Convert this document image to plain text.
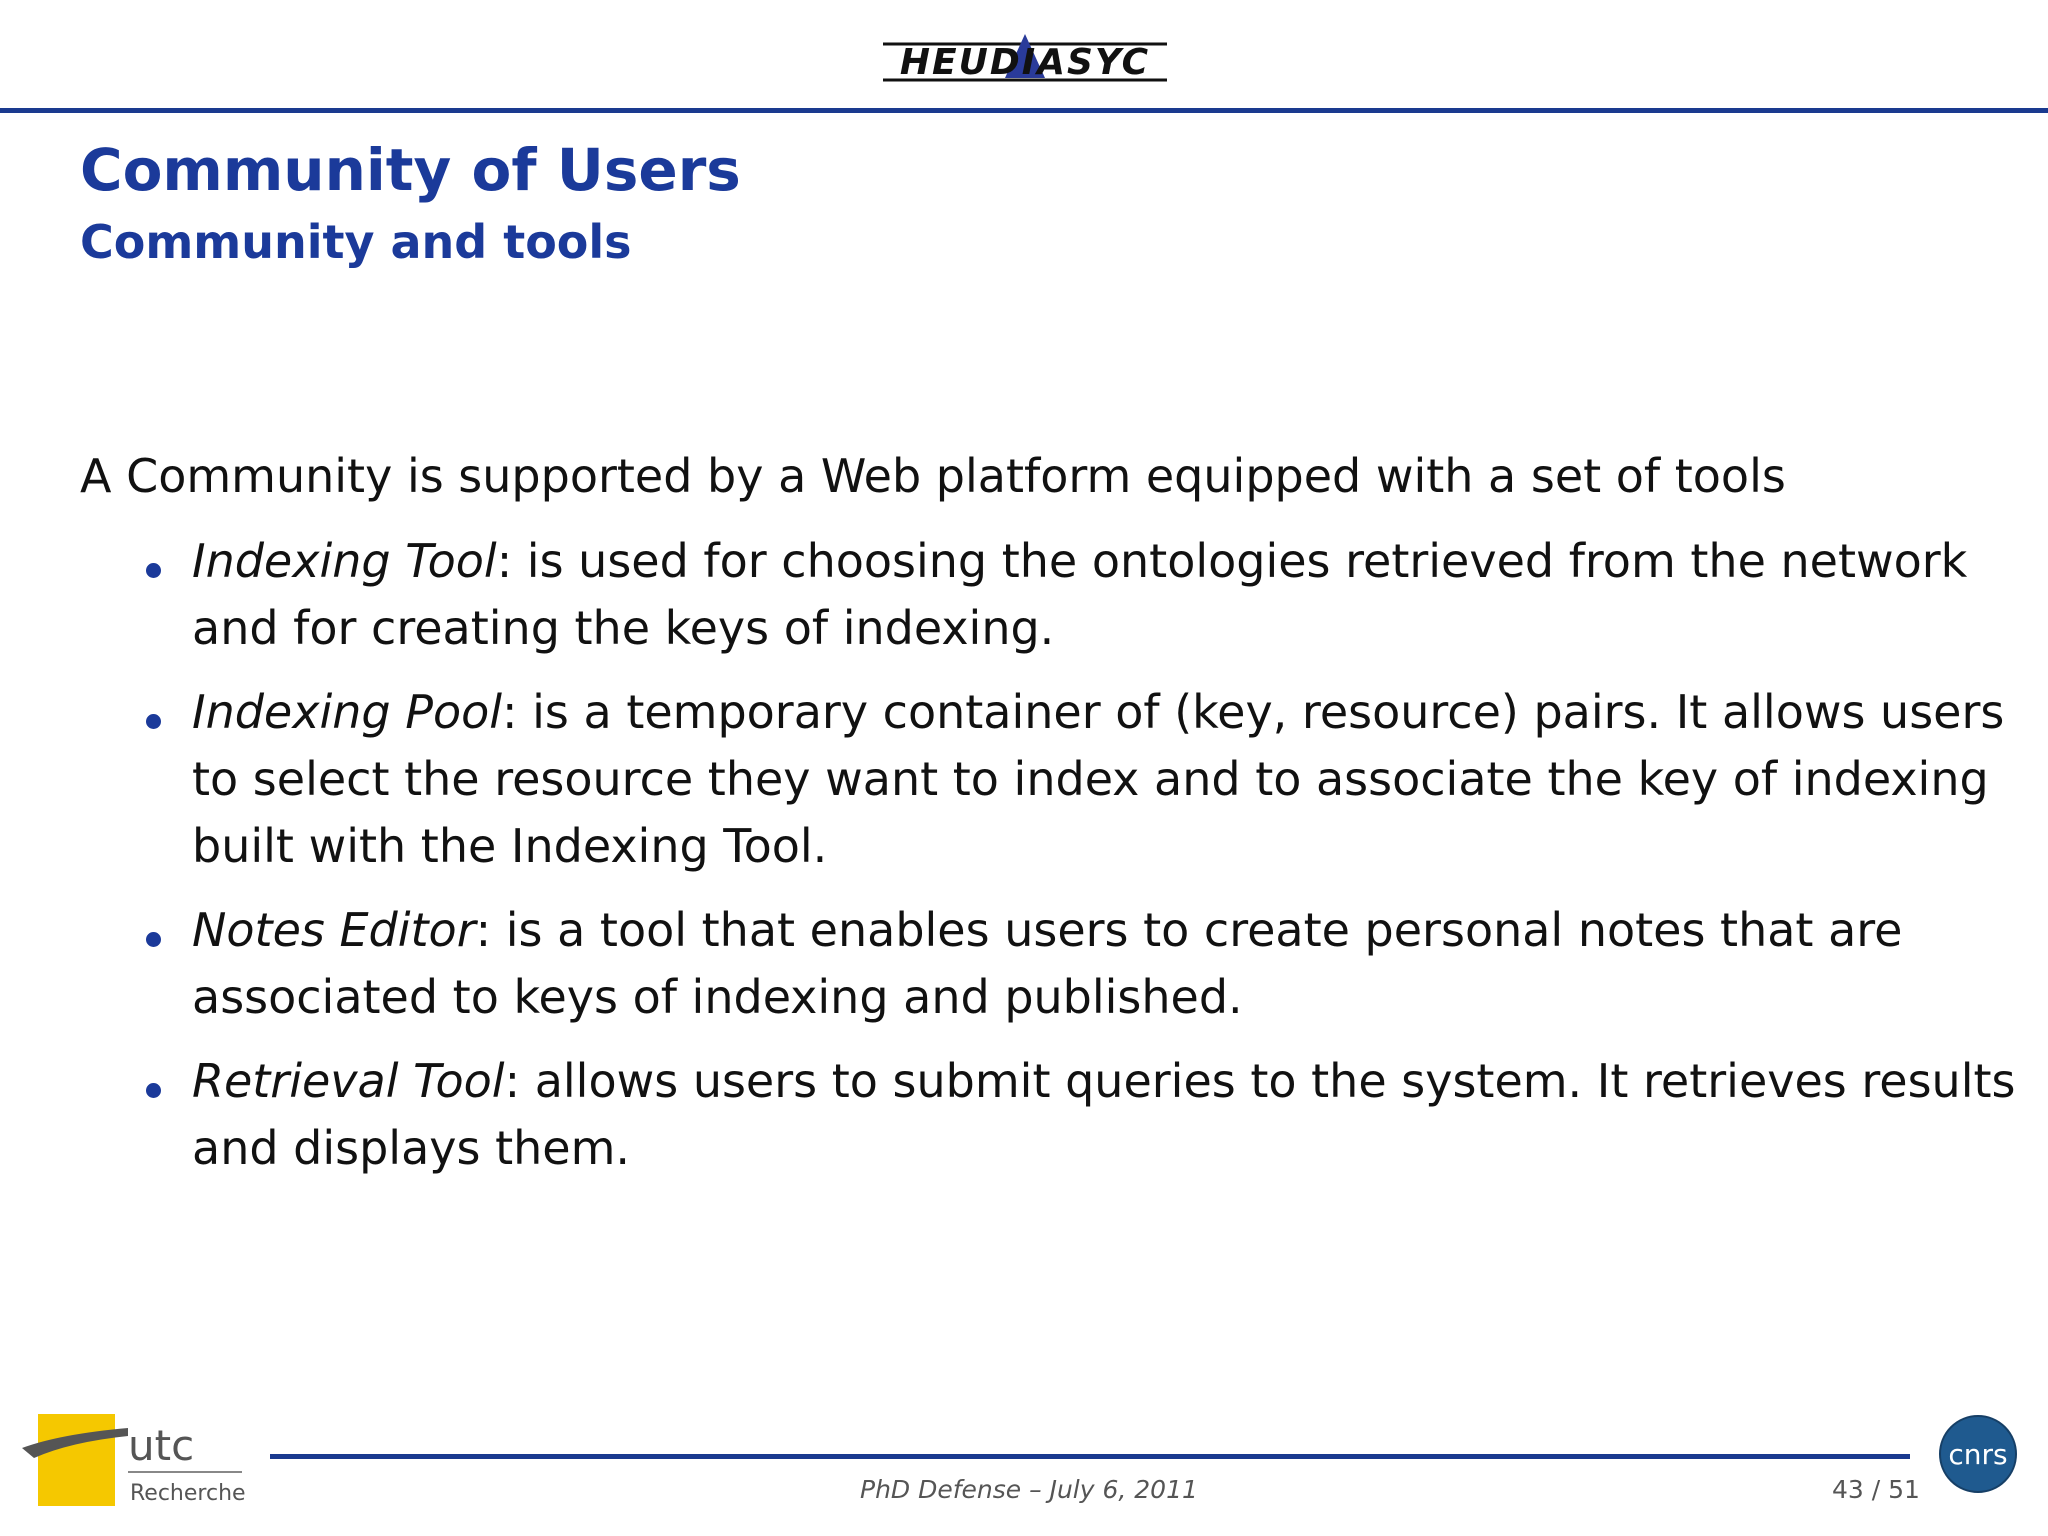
HEUDIASYC
Community of Users
Community and tools

A Community is supported by a Web platform equipped with a set of tools

Indexing Tool: is used for choosing the ontologies retrieved from the network and for creating the keys of indexing.
Indexing Pool: is a temporary container of (key, resource) pairs. It allows users to select the resource they want to index and to associate the key of indexing built with the Indexing Tool.
Notes Editor: is a tool that enables users to create personal notes that are associated to keys of indexing and published.
Retrieval Tool: allows users to submit queries to the system. It retrieves results and displays them.
utc
Recherche	PhD Defense – July 6, 2011	43 / 51
cnrs
